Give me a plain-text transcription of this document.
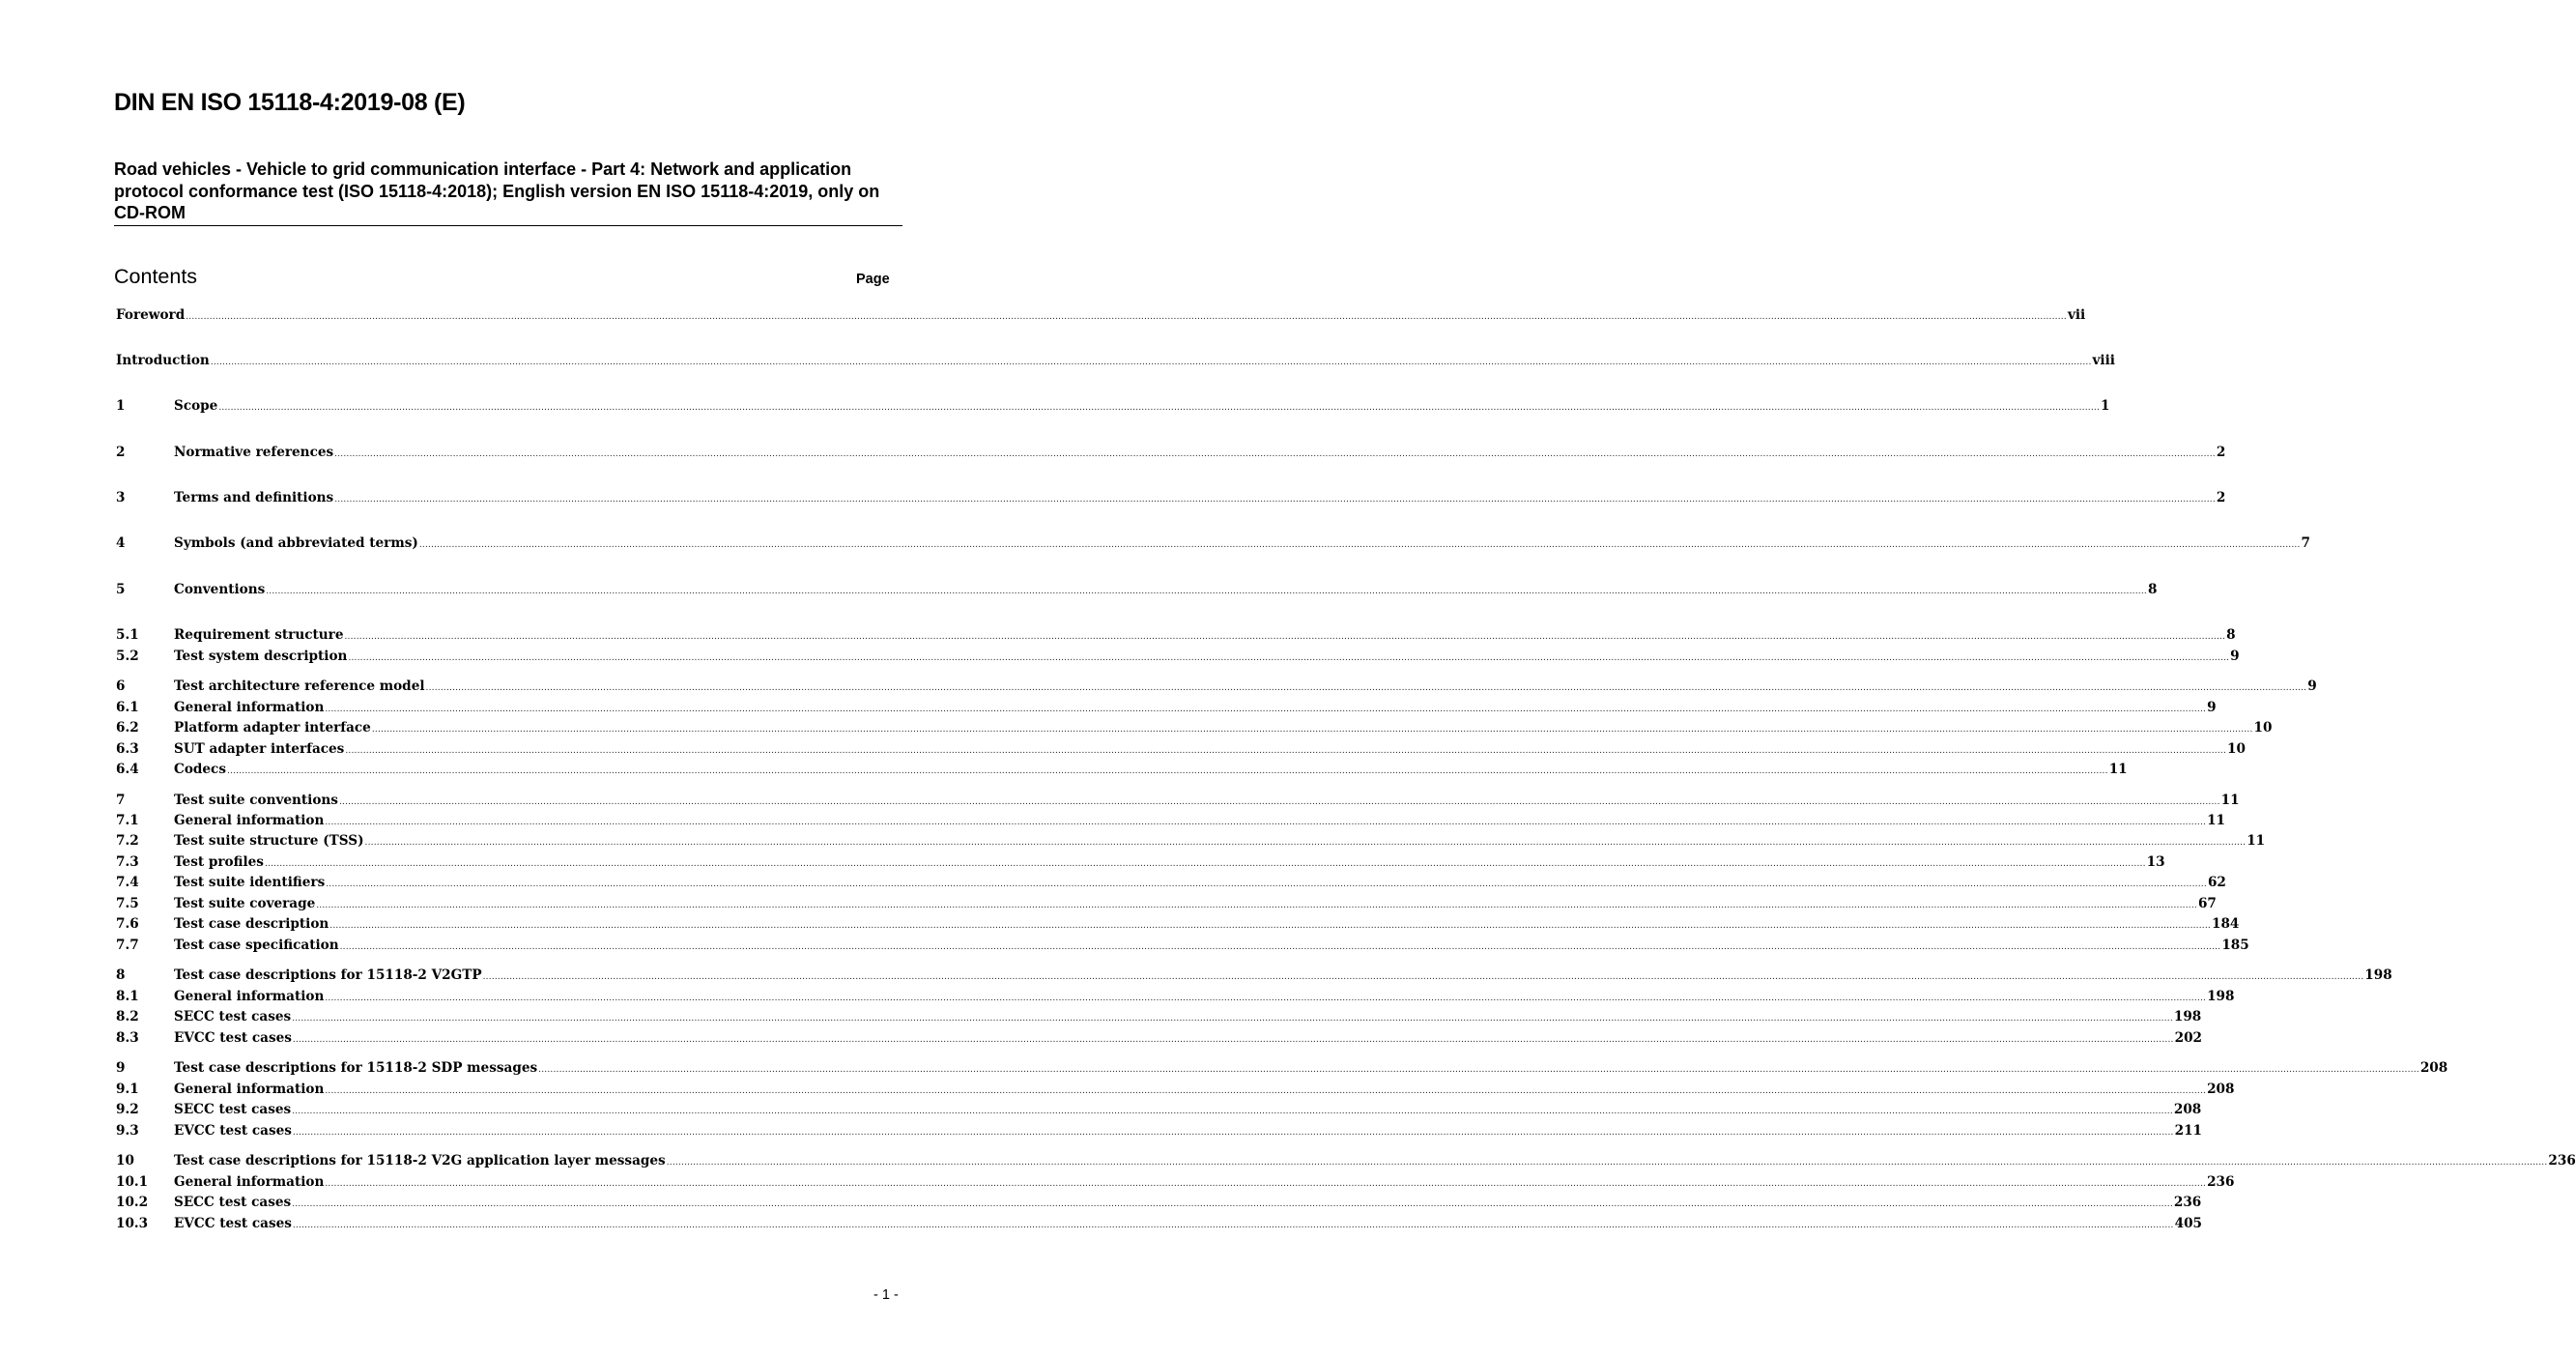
DIN EN ISO 15118-4:2019-08 (E)
Road vehicles - Vehicle to grid communication interface - Part 4: Network and application protocol conformance test (ISO 15118-4:2018); English version EN ISO 15118-4:2019, only on CD-ROM
Contents	Page
Foreword ............................................................................................................................................................................................................................................................................................................................................................................................................................................................................................................................................................................................................................................................ vii
Introduction ............................................................................................................................................................................................................................................................................................................................................................................................................................................................................................................................................................................................................................................................ viii
1	Scope ............................................................................................................................................................................................................................................................................................................................................................................................................................................................................................................................................................................................................................................................ 1
2	Normative references ............................................................................................................................................................................................................................................................................................................................................................................................................................................................................................................................................................................................................................................................ 2
3	Terms and definitions ............................................................................................................................................................................................................................................................................................................................................................................................................................................................................................................................................................................................................................................................ 2
4	Symbols (and abbreviated terms) ............................................................................................................................................................................................................................................................................................................................................................................................................................................................................................................................................................................................................................................................ 7
5	Conventions ............................................................................................................................................................................................................................................................................................................................................................................................................................................................................................................................................................................................................................................................ 8
5.1	Requirement structure ............................................................................................................................................................................................................................................................................................................................................................................................................................................................................................................................................................................................................................................................ 8
5.2	Test system description ............................................................................................................................................................................................................................................................................................................................................................................................................................................................................................................................................................................................................................................................ 9
6	Test architecture reference model ............................................................................................................................................................................................................................................................................................................................................................................................................................................................................................................................................................................................................................................................ 9
6.1	General information ............................................................................................................................................................................................................................................................................................................................................................................................................................................................................................................................................................................................................................................................ 9
6.2	Platform adapter interface ............................................................................................................................................................................................................................................................................................................................................................................................................................................................................................................................................................................................................................................................ 10
6.3	SUT adapter interfaces ............................................................................................................................................................................................................................................................................................................................................................................................................................................................................................................................................................................................................................................................ 10
6.4	Codecs ............................................................................................................................................................................................................................................................................................................................................................................................................................................................................................................................................................................................................................................................ 11
7	Test suite conventions ............................................................................................................................................................................................................................................................................................................................................................................................................................................................................................................................................................................................................................................................ 11
7.1	General information ............................................................................................................................................................................................................................................................................................................................................................................................................................................................................................................................................................................................................................................................ 11
7.2	Test suite structure (TSS) ............................................................................................................................................................................................................................................................................................................................................................................................................................................................................................................................................................................................................................................................ 11
7.3	Test profiles ............................................................................................................................................................................................................................................................................................................................................................................................................................................................................................................................................................................................................................................................ 13
7.4	Test suite identifiers ............................................................................................................................................................................................................................................................................................................................................................................................................................................................................................................................................................................................................................................................ 62
7.5	Test suite coverage ............................................................................................................................................................................................................................................................................................................................................................................................................................................................................................................................................................................................................................................................ 67
7.6	Test case description ............................................................................................................................................................................................................................................................................................................................................................................................................................................................................................................................................................................................................................................................ 184
7.7	Test case specification ............................................................................................................................................................................................................................................................................................................................................................................................................................................................................................................................................................................................................................................................ 185
8	Test case descriptions for 15118-2 V2GTP ............................................................................................................................................................................................................................................................................................................................................................................................................................................................................................................................................................................................................................................................ 198
8.1	General information ............................................................................................................................................................................................................................................................................................................................................................................................................................................................................................................................................................................................................................................................ 198
8.2	SECC test cases ............................................................................................................................................................................................................................................................................................................................................................................................................................................................................................................................................................................................................................................................ 198
8.3	EVCC test cases ............................................................................................................................................................................................................................................................................................................................................................................................................................................................................................................................................................................................................................................................ 202
9	Test case descriptions for 15118-2 SDP messages ............................................................................................................................................................................................................................................................................................................................................................................................................................................................................................................................................................................................................................................................ 208
9.1	General information ............................................................................................................................................................................................................................................................................................................................................................................................................................................................................................................................................................................................................................................................ 208
9.2	SECC test cases ............................................................................................................................................................................................................................................................................................................................................................................................................................................................................................................................................................................................................................................................ 208
9.3	EVCC test cases ............................................................................................................................................................................................................................................................................................................................................................................................................................................................................................................................................................................................................................................................ 211
10	Test case descriptions for 15118-2 V2G application layer messages ............................................................................................................................................................................................................................................................................................................................................................................................................................................................................................................................................................................................................................................................ 236
10.1	General information ............................................................................................................................................................................................................................................................................................................................................................................................................................................................................................................................................................................................................................................................ 236
10.2	SECC test cases ............................................................................................................................................................................................................................................................................................................................................................................................................................................................................................................................................................................................................................................................ 236
10.3	EVCC test cases ............................................................................................................................................................................................................................................................................................................................................................................................................................................................................................................................................................................................................................................................ 405
- 1 -
